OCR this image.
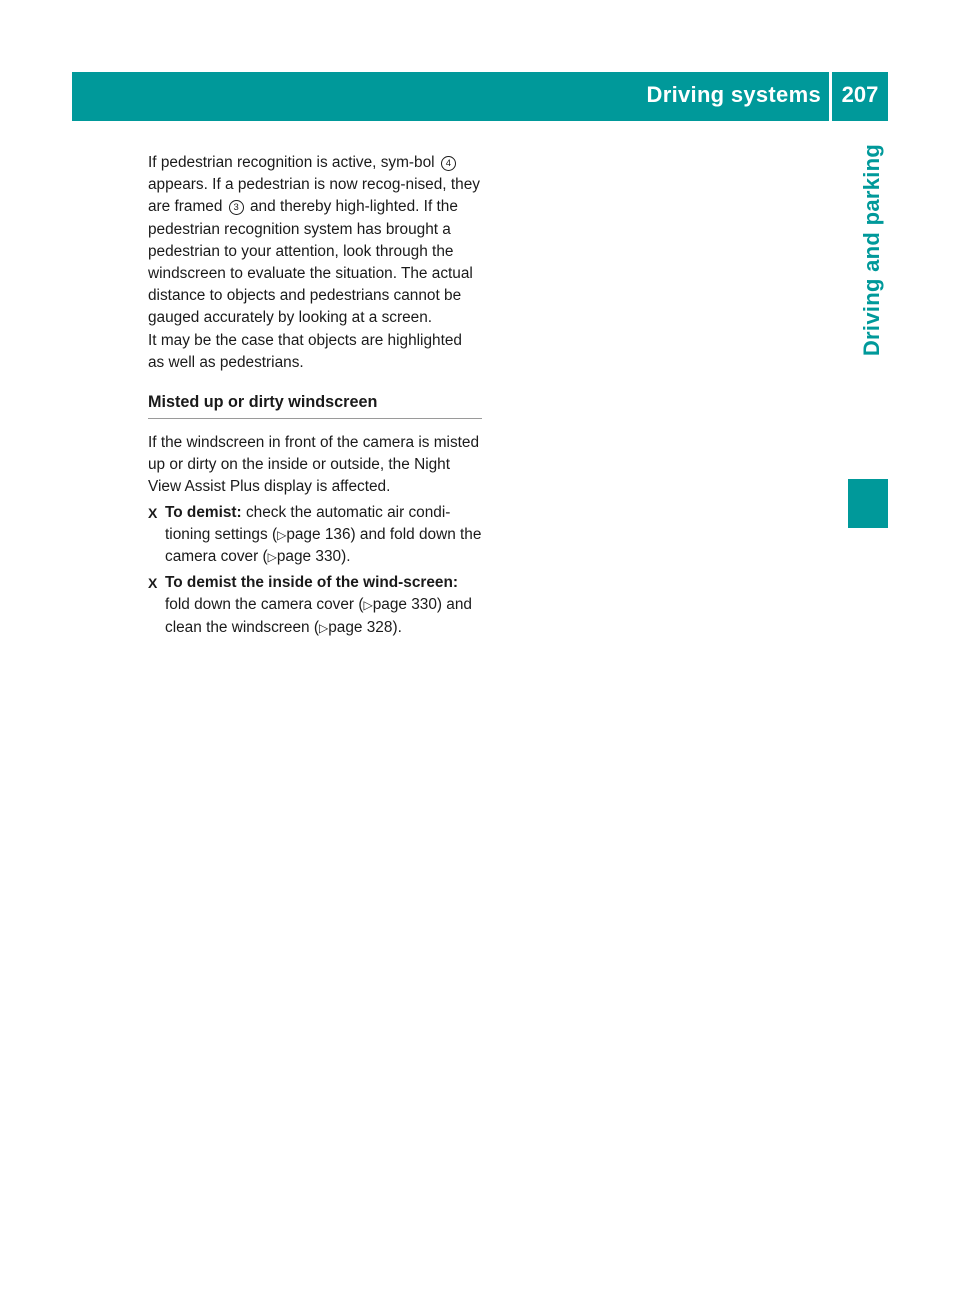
Driving systems 207
Driving and parking

If pedestrian recognition is active, sym-bol 4 appears. If a pedestrian is now recog-nised, they are framed 3 and thereby high-lighted. If the pedestrian recognition system has brought a pedestrian to your attention, look through the windscreen to evaluate the situation. The actual distance to objects and pedestrians cannot be gauged accurately by looking at a screen.

It may be the case that objects are highlighted as well as pedestrians.

Misted up or dirty windscreen

If the windscreen in front of the camera is misted up or dirty on the inside or outside, the Night View Assist Plus display is affected.

X To demist: check the automatic air condi-tioning settings (▷page 136) and fold down the camera cover (▷page 330).
X To demist the inside of the wind-screen: fold down the camera cover (▷page 330) and clean the windscreen (▷page 328).
